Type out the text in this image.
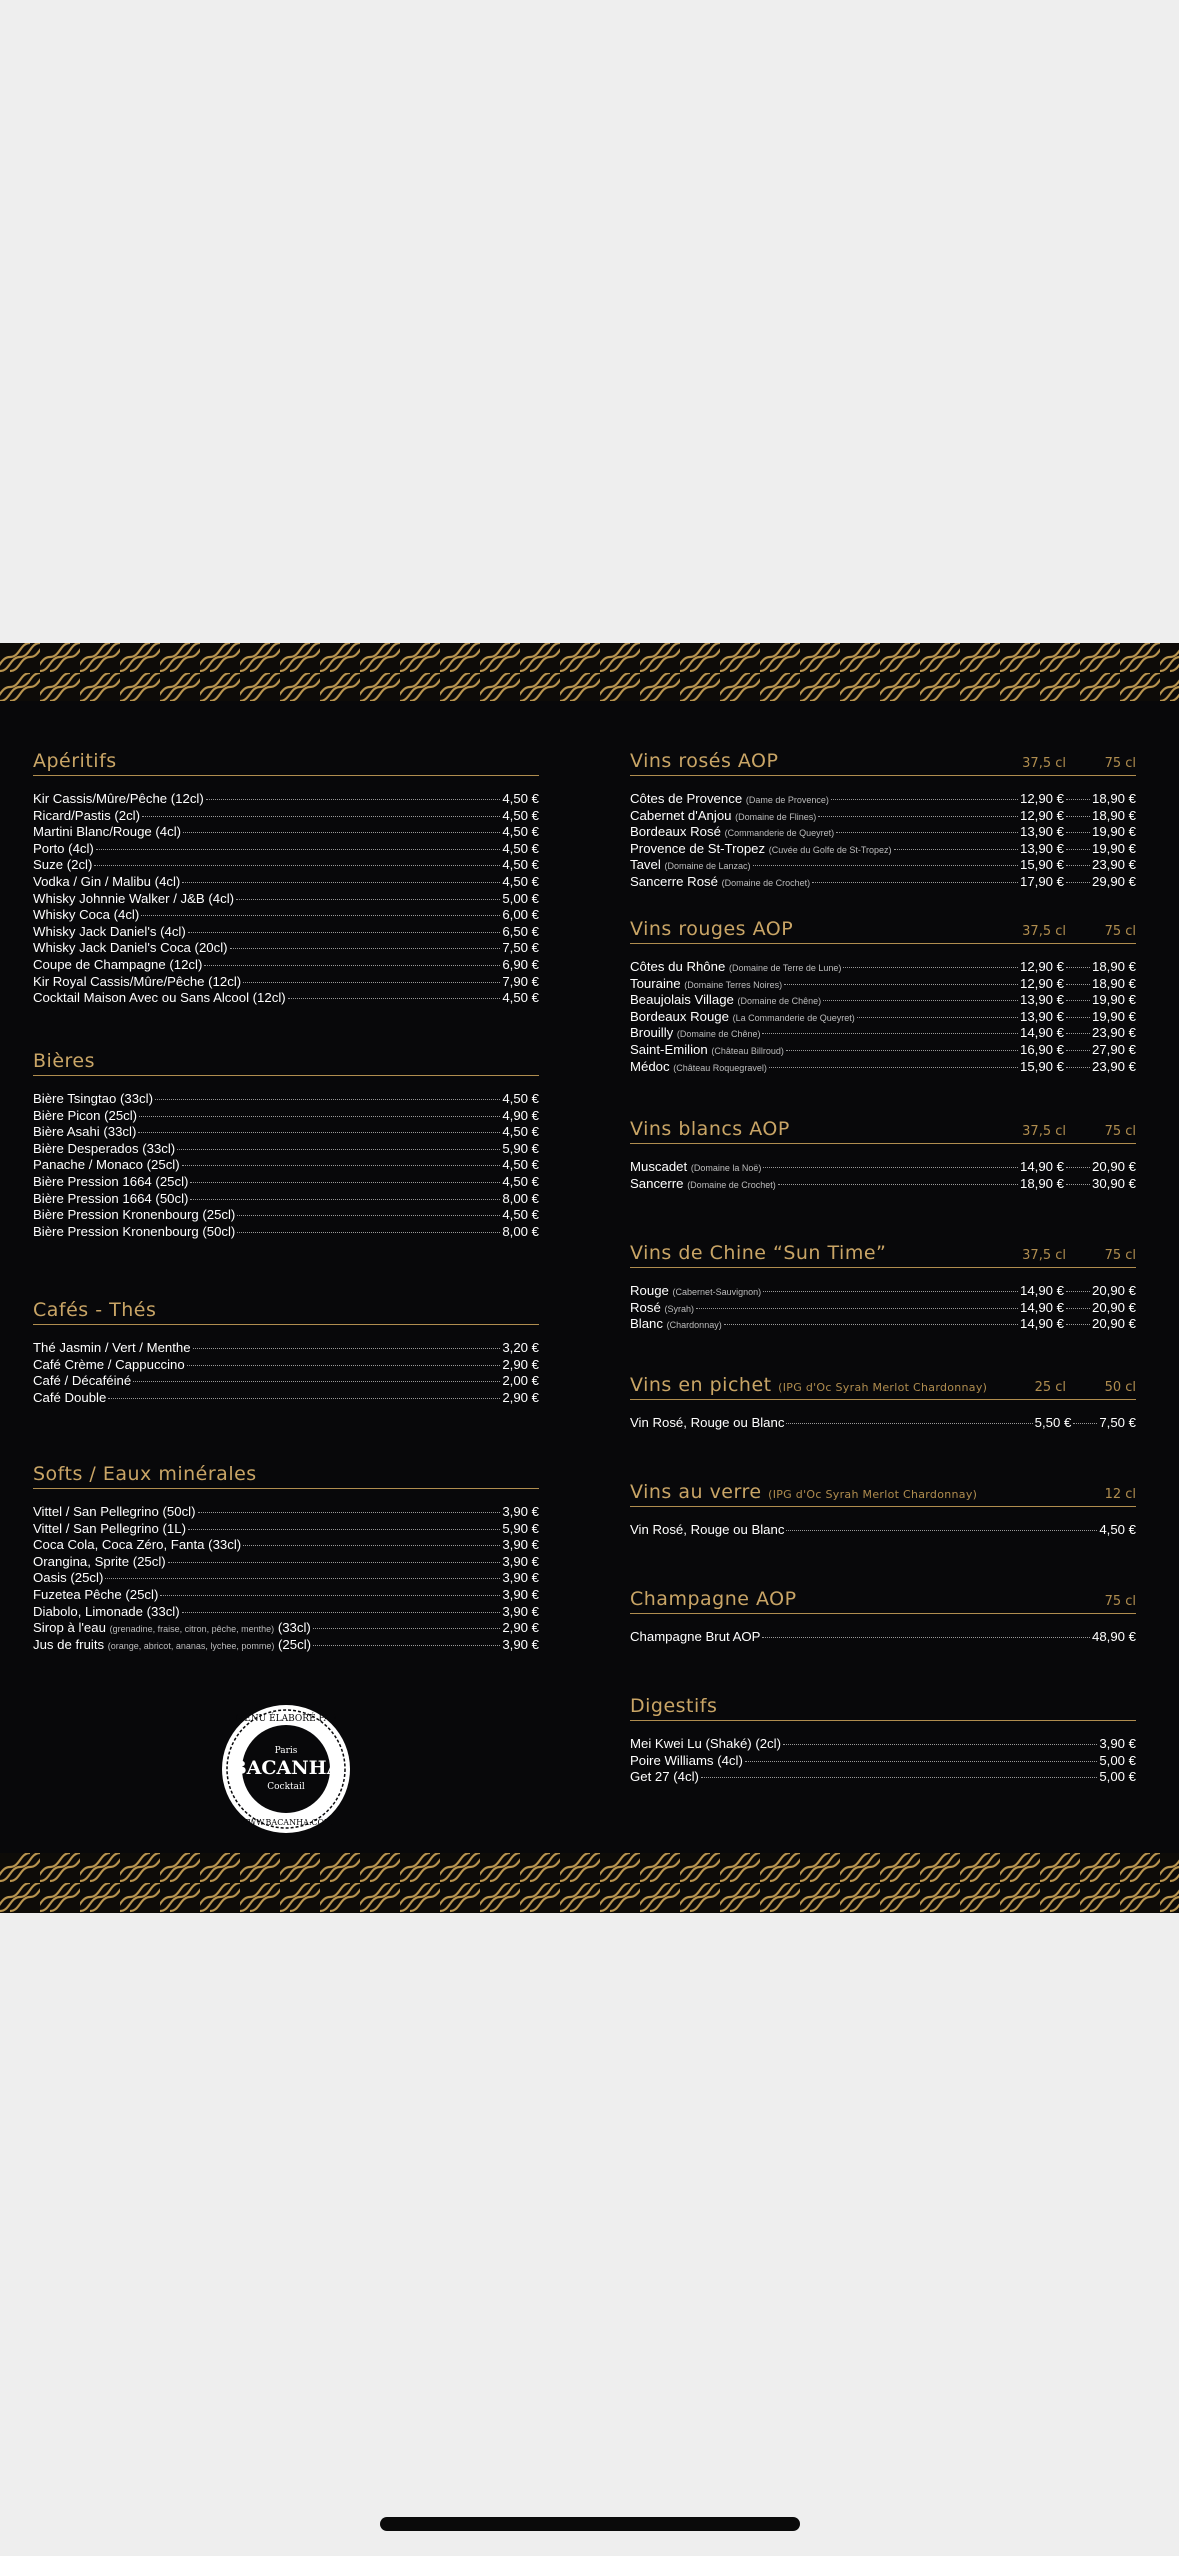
Apéritifs
Kir Cassis/Mûre/Pêche (12cl)	4,50 €
Ricard/Pastis (2cl)	4,50 €
Martini Blanc/Rouge (4cl)	4,50 €
Porto (4cl)	4,50 €
Suze (2cl)	4,50 €
Vodka / Gin / Malibu (4cl)	4,50 €
Whisky Johnnie Walker / J&B (4cl)	5,00 €
Whisky Coca (4cl)	6,00 €
Whisky Jack Daniel's (4cl)	6,50 €
Whisky Jack Daniel's Coca (20cl)	7,50 €
Coupe de Champagne (12cl)	6,90 €
Kir Royal Cassis/Mûre/Pêche (12cl)	7,90 €
Cocktail Maison Avec ou Sans Alcool (12cl)	4,50 €
Bières
Bière Tsingtao (33cl)	4,50 €
Bière Picon (25cl)	4,90 €
Bière Asahi (33cl)	4,50 €
Bière Desperados (33cl)	5,90 €
Panache / Monaco (25cl)	4,50 €
Bière Pression 1664 (25cl)	4,50 €
Bière Pression 1664 (50cl)	8,00 €
Bière Pression Kronenbourg (25cl)	4,50 €
Bière Pression Kronenbourg (50cl)	8,00 €
Cafés - Thés
Thé Jasmin / Vert / Menthe	3,20 €
Café Crème / Cappuccino	2,90 €
Café / Décaféiné	2,00 €
Café Double	2,90 €
Softs / Eaux minérales
Vittel / San Pellegrino (50cl)	3,90 €
Vittel / San Pellegrino (1L)	5,90 €
Coca Cola, Coca Zéro, Fanta (33cl)	3,90 €
Orangina, Sprite (25cl)	3,90 €
Oasis (25cl)	3,90 €
Fuzetea Pêche (25cl)	3,90 €
Diabolo, Limonade (33cl)	3,90 €
Sirop à l'eau (grenadine, fraise, citron, pêche, menthe) (33cl)	2,90 €
Jus de fruits (orange, abricot, ananas, lychee, pomme) (25cl)	3,90 €
Vins rosés AOP	37,5 cl	75 cl
Côtes de Provence (Dame de Provence)	12,90 € 18,90 €
Cabernet d'Anjou (Domaine de Flines)	12,90 € 18,90 €
Bordeaux Rosé (Commanderie de Queyret)	13,90 € 19,90 €
Provence de St-Tropez (Cuvée du Golfe de St-Tropez)	13,90 € 19,90 €
Tavel (Domaine de Lanzac)	15,90 € 23,90 €
Sancerre Rosé (Domaine de Crochet)	17,90 € 29,90 €
Vins rouges AOP	37,5 cl	75 cl
Côtes du Rhône (Domaine de Terre de Lune)	12,90 € 18,90 €
Touraine (Domaine Terres Noires)	12,90 € 18,90 €
Beaujolais Village (Domaine de Chêne)	13,90 € 19,90 €
Bordeaux Rouge (La Commanderie de Queyret)	13,90 € 19,90 €
Brouilly (Domaine de Chêne)	14,90 € 23,90 €
Saint-Emilion (Château Billroud)	16,90 € 27,90 €
Médoc (Château Roquegravel)	15,90 € 23,90 €
Vins blancs AOP	37,5 cl	75 cl
Muscadet (Domaine la Noë)	14,90 € 20,90 €
Sancerre (Domaine de Crochet)	18,90 € 30,90 €
Vins de Chine “Sun Time”	37,5 cl	75 cl
Rouge (Cabernet-Sauvignon)	14,90 € 20,90 €
Rosé (Syrah)	14,90 € 20,90 €
Blanc (Chardonnay)	14,90 € 20,90 €
Vins en pichet (IPG d'Oc Syrah Merlot Chardonnay)	25 cl	50 cl
Vin Rosé, Rouge ou Blanc	5,50 € 7,50 €
Vins au verre (IPG d'Oc Syrah Merlot Chardonnay)	12 cl
Vin Rosé, Rouge ou Blanc	4,50 €
Champagne AOP	75 cl
Champagne Brut AOP	48,90 €
Digestifs
Mei Kwei Lu (Shaké) (2cl)	3,90 €
Poire Williams (4cl)	5,00 €
Get 27 (4cl)	5,00 €
MENU ÉLABORÉ PAR
Paris
BACANHA
Cocktail
WWW.BACANHA.COM
